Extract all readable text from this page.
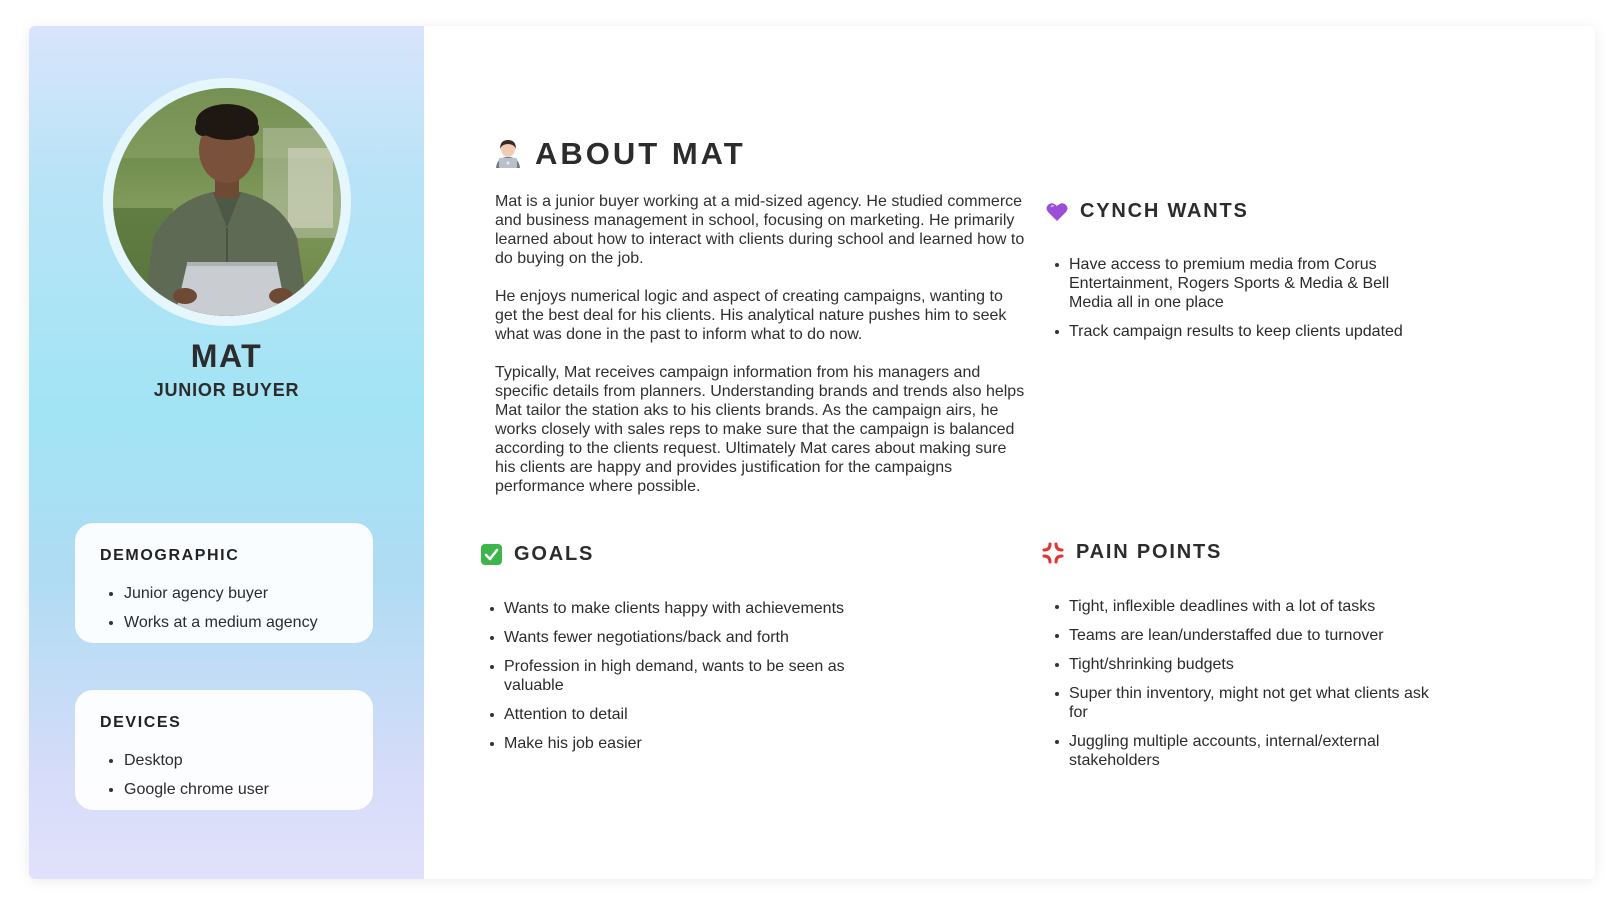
MAT
JUNIOR BUYER
DEMOGRAPHIC
Junior agency buyer
Works at a medium agency
DEVICES
Desktop
Google chrome user
ABOUT MAT

Mat is a junior buyer working at a mid-sized agency. He studied commerce and business management in school, focusing on marketing. He primarily learned about how to interact with clients during school and learned how to do buying on the job.

He enjoys numerical logic and aspect of creating campaigns, wanting to get the best deal for his clients. His analytical nature pushes him to seek what was done in the past to inform what to do now.

Typically, Mat receives campaign information from his managers and specific details from planners. Understanding brands and trends also helps Mat tailor the station aks to his clients brands. As the campaign airs, he works closely with sales reps to make sure that the campaign is balanced according to the clients request. Ultimately Mat cares about making sure his clients are happy and provides justification for the campaigns performance where possible.

CYNCH WANTS
Have access to premium media from Corus Entertainment, Rogers Sports & Media & Bell Media all in one place
Track campaign results to keep clients updated
GOALS
Wants to make clients happy with achievements
Wants fewer negotiations/back and forth
Profession in high demand, wants to be seen as valuable
Attention to detail
Make his job easier
PAIN POINTS
Tight, inflexible deadlines with a lot of tasks
Teams are lean/understaffed due to turnover
Tight/shrinking budgets
Super thin inventory, might not get what clients ask for
Juggling multiple accounts, internal/external stakeholders
